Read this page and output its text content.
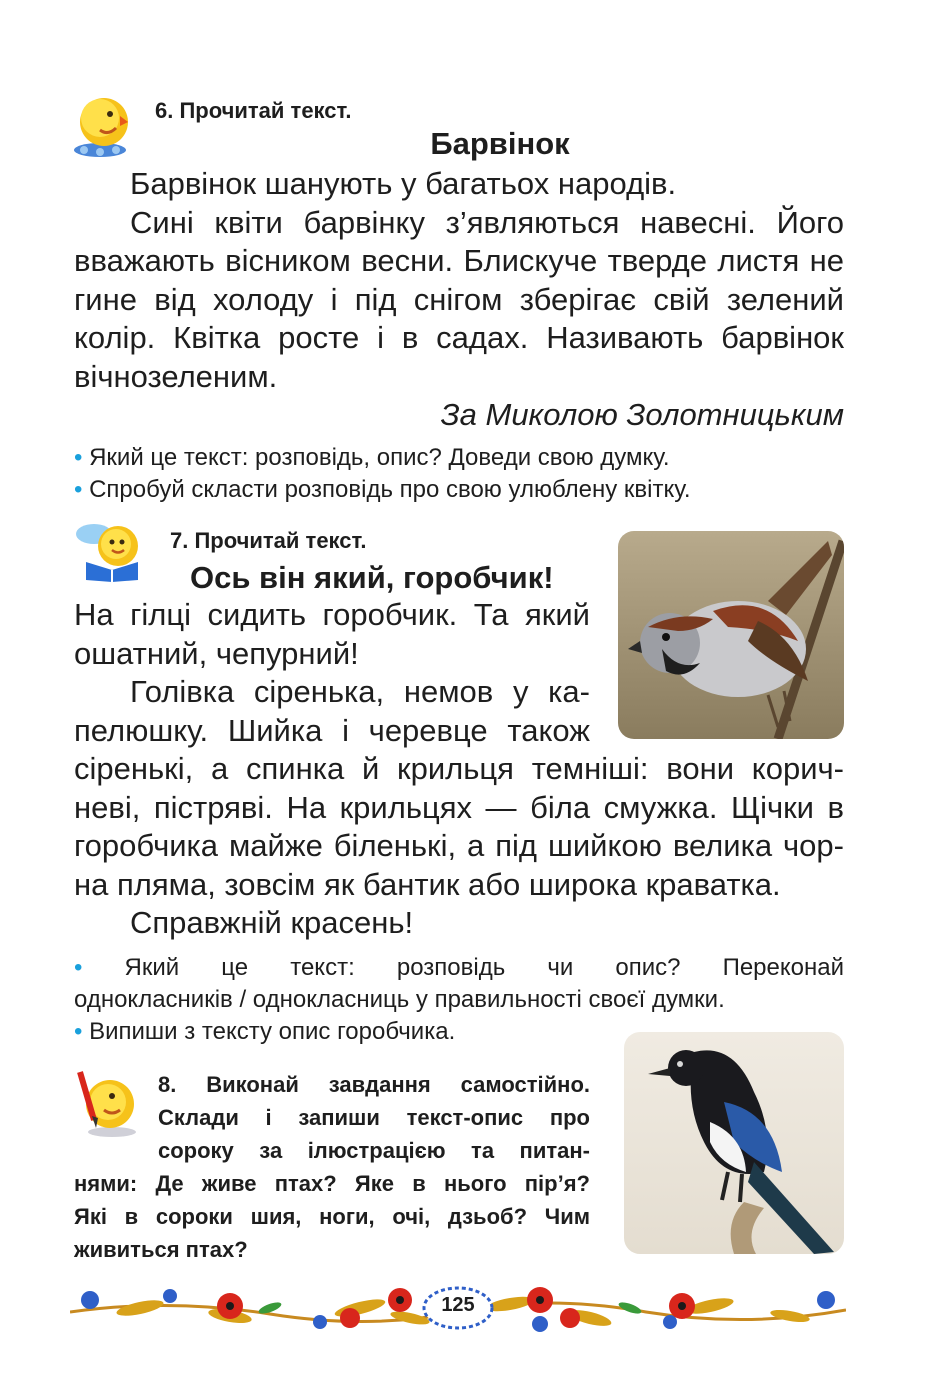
6. Прочитай текст.
Барвінок

Барвінок шанують у багатьох народів.

Сині квіти барвінку з’являються навесні. Його

вважають вісником весни. Блискуче тверде листя не

гине від холоду і під снігом зберігає свій зелений

колір. Квітка росте і в садах. Називають барвінок

вічнозеленим.

За Миколою Золотницьким

• Який це текст: розповідь, опис? Доведи свою думку.

• Спробуй скласти розповідь про свою улюблену квітку.

7. Прочитай текст.
Ось він який, горобчик!

На гілці сидить горобчик. Та який

ошатний, чепурний!

Голівка сіренька, немов у ка-

пелюшку. Шийка і черевце також

сіренькі, а спинка й крильця темніші: вони корич-

неві, пістряві. На крильцях — біла смужка. Щічки в

горобчика майже біленькі, а під шийкою велика чор-

на пляма, зовсім як бантик або широка краватка.

Справжній красень!

• Який це текст: розповідь чи опис? Переконай

однокласників / однокласниць у правильності своєї думки.

• Випиши з тексту опис горобчика.

8. Виконай завдання самостійно.

Склади і запиши текст-опис про

сороку за ілюстрацією та питан-

нями: Де живе птах? Яке в нього пір’я?

Які в сороки шия, ноги, очі, дзьоб? Чим

живиться птах?

125
